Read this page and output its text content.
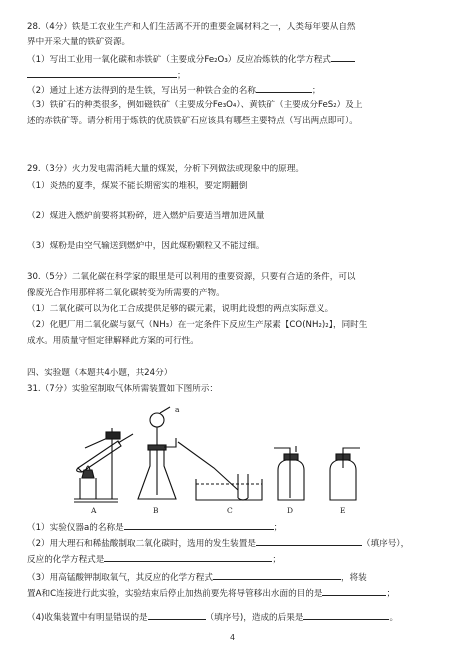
28.（4分）铁是工农业生产和人们生活离不开的重要金属材料之一，人类每年要从自然
界中开采大量的铁矿资源。
（1）写出工业用一氧化碳和赤铁矿（主要成分Fe₂O₃）反应冶炼铁的化学方程式
；
（2）通过上述方法得到的是生铁，写出另一种铁合金的名称	；
（3）铁矿石的种类很多，例如磁铁矿（主要成分Fe₃O₄）、黄铁矿（主要成分FeS₂）及上
述的赤铁矿等。请分析用于炼铁的优质铁矿石应该具有哪些主要特点（写出两点即可）。
29.（3分）火力发电需消耗大量的煤炭，分析下列做法或现象中的原理。
（1）炎热的夏季，煤炭不能长期密实的堆积，要定期翻倒
（2）煤进入燃炉前要将其粉碎，进入燃炉后要适当增加进风量
（3）煤粉是由空气输送到燃炉中，因此煤粉颗粒又不能过细。
30.（5分）二氧化碳在科学家的眼里是可以利用的重要资源，只要有合适的条件，可以
像废光合作用那样将二氧化碳转变为所需要的产物。
（1）二氧化碳可以为化工合成提供足够的碳元素，说明此设想的两点实际意义。
（2）化肥厂用二氧化碳与氨气（NH₃）在一定条件下反应生产尿素【CO(NH₂)₂】，同时生
成水。用质量守恒定律解释此方案的可行性。
四、实验题（本题共4小题，共24分）
31.（7分）实验室制取气体所需装置如下图所示：
a
A	B	C	D	E
（1）实验仪器a的名称是	；
（2）用大理石和稀盐酸制取二氧化碳时，选用的发生装置是	（填序号），
反应的化学方程式是	；
（3）用高锰酸钾制取氧气，其反应的化学方程式	，将装
置A和C连接进行此实验，实验结束后停止加热前要先将导管移出水面的目的是	；
（4)收集装置中有明显错误的是	（填序号)，造成的后果是	。
4
